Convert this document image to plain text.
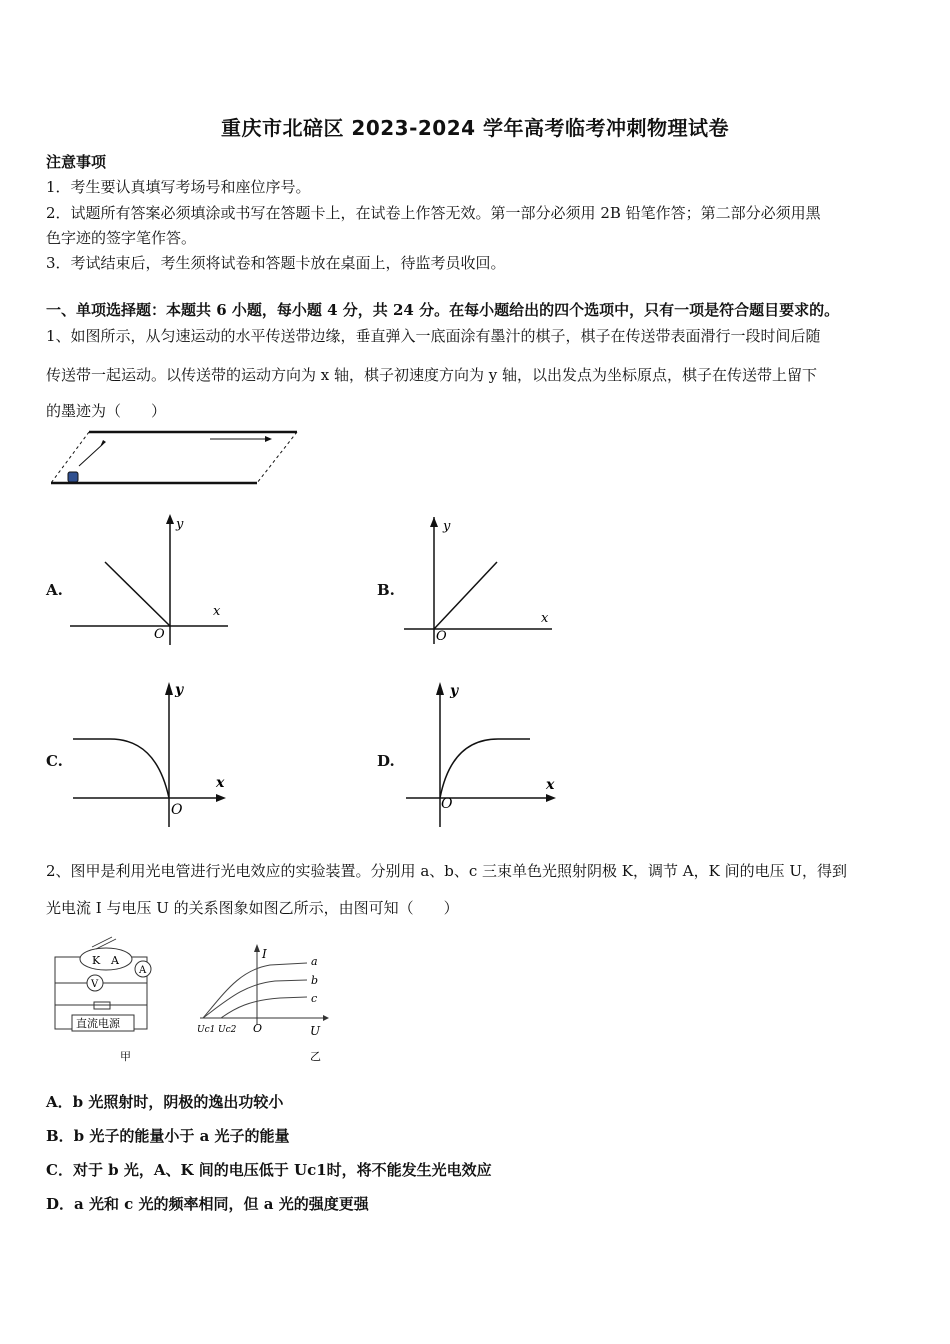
重庆市北碚区 2023-2024 学年高考临考冲刺物理试卷
注意事项
1．考生要认真填写考场号和座位序号。
2．试题所有答案必须填涂或书写在答题卡上，在试卷上作答无效。第一部分必须用 2B 铅笔作答；第二部分必须用黑
色字迹的签字笔作答。
3．考试结束后，考生须将试卷和答题卡放在桌面上，待监考员收回。
一、单项选择题：本题共 6 小题，每小题 4 分，共 24 分。在每小题给出的四个选项中，只有一项是符合题目要求的。
1、如图所示，从匀速运动的水平传送带边缘，垂直弹入一底面涂有墨汁的棋子，棋子在传送带表面滑行一段时间后随
传送带一起运动。以传送带的运动方向为 x 轴，棋子初速度方向为 y 轴，以出发点为坐标原点，棋子在传送带上留下
的墨迹为（　　）
A.
y
x
O
B.
y
x
O
C.
y
x
O
D.
y
x
O
2、图甲是利用光电管进行光电效应的实验装置。分别用 a、b、c 三束单色光照射阴极 K，调节 A，K 间的电压 U，得到
光电流 I 与电压 U 的关系图象如图乙所示，由图可知（　　）
K A
A
V
直流电源
甲
I
U
O
Uc1 Uc2
a
b
c
乙
A．b 光照射时，阴极的逸出功较小
B．b 光子的能量小于 a 光子的能量
C．对于 b 光，A、K 间的电压低于 Uc1时，将不能发生光电效应
D．a 光和 c 光的频率相同，但 a 光的强度更强
